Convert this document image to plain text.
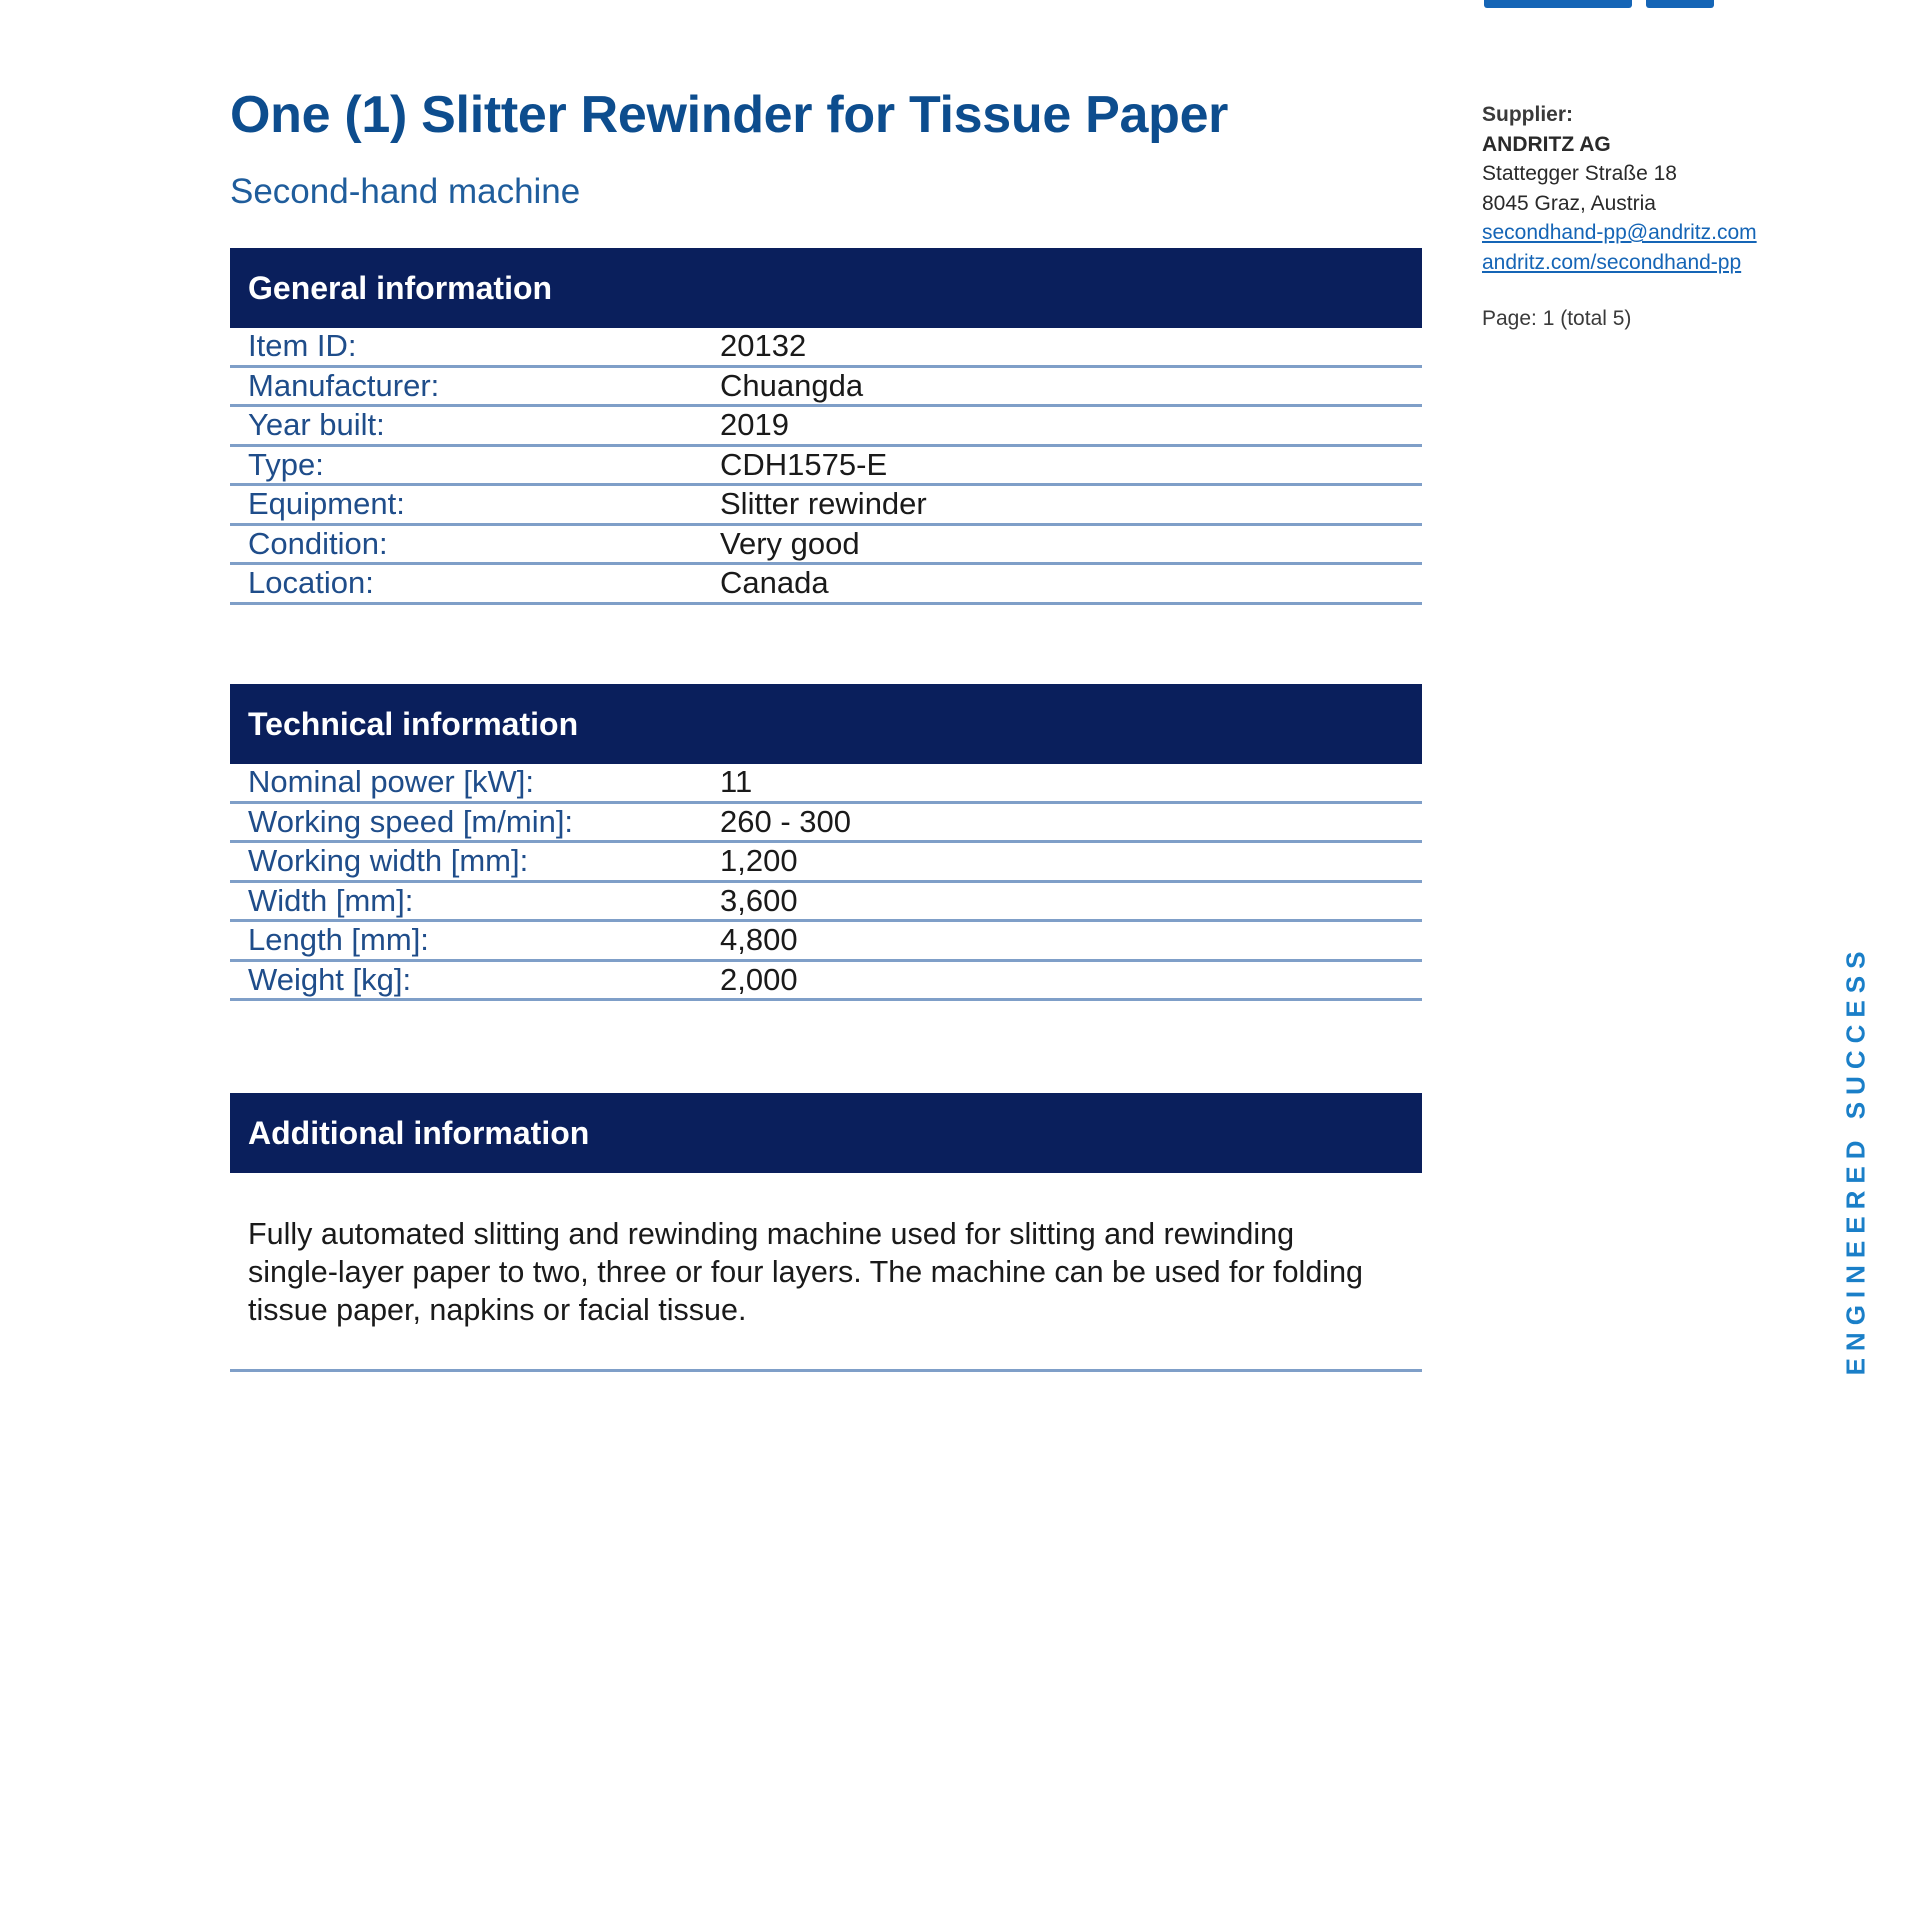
One (1) Slitter Rewinder for Tissue Paper
Second-hand machine
General information
Item ID:	20132
Manufacturer:	Chuangda
Year built:	2019
Type:	CDH1575-E
Equipment:	Slitter rewinder
Condition:	Very good
Location:	Canada
Technical information
Nominal power [kW]:	11
Working speed [m/min]:	260 - 300
Working width [mm]:	1,200
Width [mm]:	3,600
Length [mm]:	4,800
Weight [kg]:	2,000
Additional information
Fully automated slitting and rewinding machine used for slitting and rewinding single-layer paper to two, three or four layers. The machine can be used for folding tissue paper, napkins or facial tissue.
Supplier:
ANDRITZ AG
Stattegger Straße 18
8045 Graz, Austria
secondhand-pp@andritz.com
andritz.com/secondhand-pp
Page: 1 (total 5)
ENGINEERED SUCCESS
